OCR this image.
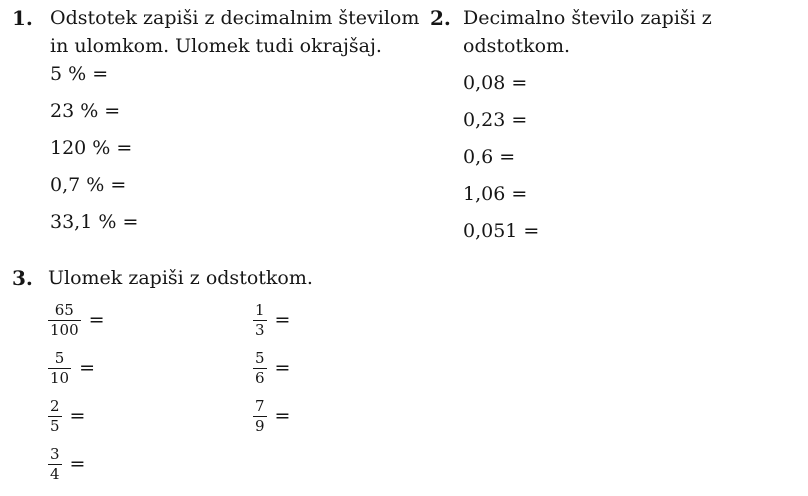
1. Odstotek zapiši z decimalnim številom
in ulomkom. Ulomek tudi okrajšaj.
5 % =
23 % =
120 % =
0,7 % =
33,1 % =
2. Decimalno število zapiši z odstotkom.
0,08 =
0,23 =
0,6 =
1,06 =
0,051 =
3. Ulomek zapiši z odstotkom.
$\frac{65}{100}$ =
$\frac{5}{10}$ =
$\frac{2}{5}$ =
$\frac{3}{4}$ =
$\frac{1}{3}$ =
$\frac{5}{6}$ =
$\frac{7}{9}$ =
